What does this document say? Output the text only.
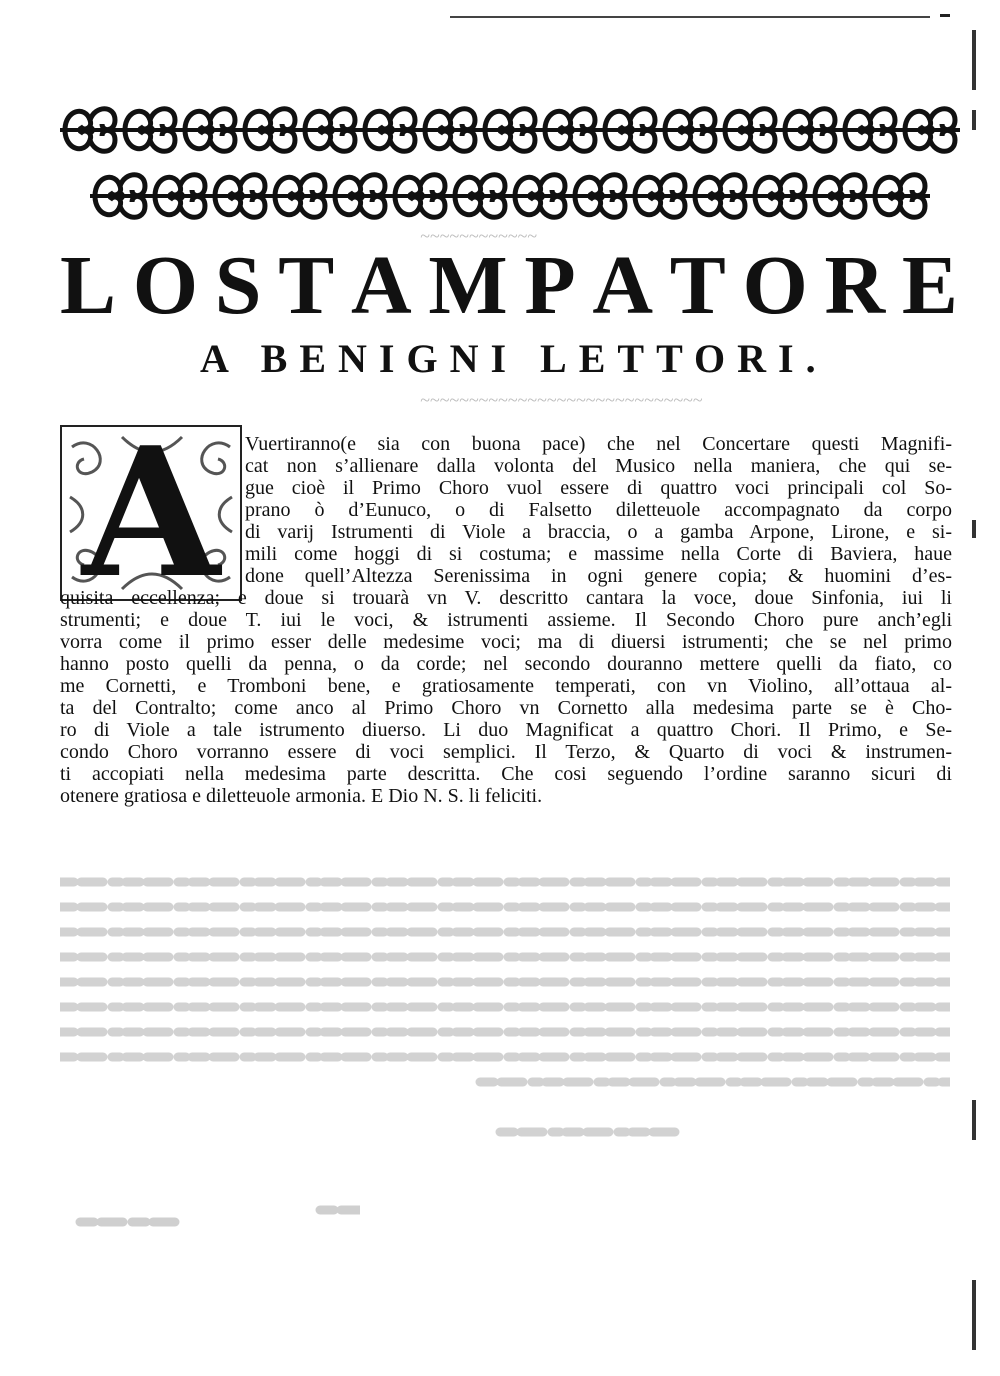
L O S T A M P A T O R E
A BENIGNI LETTORI.
~~~~~~~~~~~~
~~~~~~~~~~~~~~~~~~~~~~~~~~~~~
A	Vuertiranno(e sia con buona pace) che nel Concertare questi Magnifi-
cat non s’allienare dalla volonta del Musico nella maniera, che qui se-
gue cioè il Primo Choro vuol essere di quattro voci principali col So-
prano ò d’Eunuco, o di Falsetto diletteuole accompagnato da corpo
di varij Istrumenti di Viole a braccia, o a gamba Arpone, Lirone, e si-
mili come hoggi di si costuma; e massime nella Corte di Baviera, haue
done quell’Altezza Serenissima in ogni genere copia; & huomini d’es-
quisita eccellenza; e doue si trouarà vn V. descritto cantara la voce, doue Sinfonia, iui li
strumenti; e doue T. iui le voci, & istrumenti assieme. Il Secondo Choro pure anch’egli
vorra come il primo esser delle medesime voci; ma di diuersi istrumenti; che se nel primo
hanno posto quelli da penna, o da corde; nel secondo douranno mettere quelli da fiato, co
me Cornetti, e Tromboni bene, e gratiosamente temperati, con vn Violino, all’ottaua al-
ta del Contralto; come anco al Primo Choro vn Cornetto alla medesima parte se è Cho-
ro di Viole a tale istrumento diuerso. Li duo Magnificat a quattro Chori. Il Primo, e Se-
condo Choro vorranno essere di voci semplici. Il Terzo, & Quarto di voci & instrumen-
ti accopiati nella medesima parte descritta. Che cosi seguendo l’ordine saranno sicuri di
otenere gratiosa e diletteuole armonia. E Dio N. S. li feliciti.
